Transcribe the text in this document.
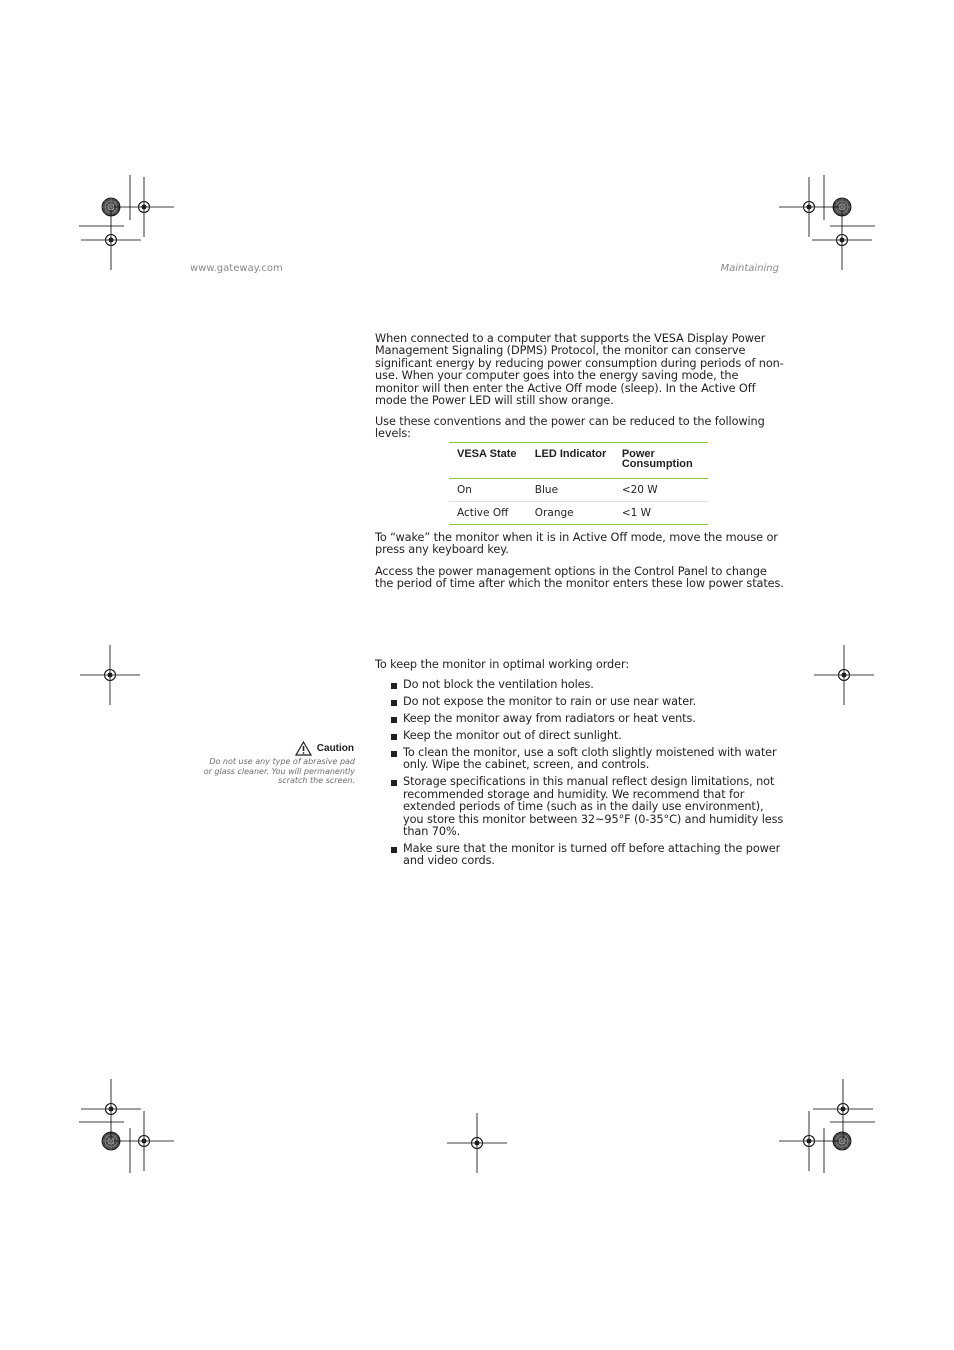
www.gateway.com	Maintaining

When connected to a computer that supports the VESA Display Power Management Signaling (DPMS) Protocol, the monitor can conserve significant energy by reducing power consumption during periods of non-use. When your computer goes into the energy saving mode, the monitor will then enter the Active Off mode (sleep). In the Active Off mode the Power LED will still show orange.

Use these conventions and the power can be reduced to the following levels:

VESA State	LED Indicator	Power Consumption
On	Blue	<20 W
Active Off	Orange	<1 W

To “wake” the monitor when it is in Active Off mode, move the mouse or press any keyboard key.

Access the power management options in the Control Panel to change the period of time after which the monitor enters these low power states.

To keep the monitor in optimal working order:

Do not block the ventilation holes.
Do not expose the monitor to rain or use near water.
Keep the monitor away from radiators or heat vents.
Keep the monitor out of direct sunlight.
To clean the monitor, use a soft cloth slightly moistened with water only. Wipe the cabinet, screen, and controls.
Storage specifications in this manual reflect design limitations, not recommended storage and humidity. We recommend that for extended periods of time (such as in the daily use environment), you store this monitor between 32~95°F (0-35°C) and humidity less than 70%.
Make sure that the monitor is turned off before attaching the power and video cords.
Caution
Do not use any type of abrasive pad or glass cleaner. You will permanently scratch the screen.
